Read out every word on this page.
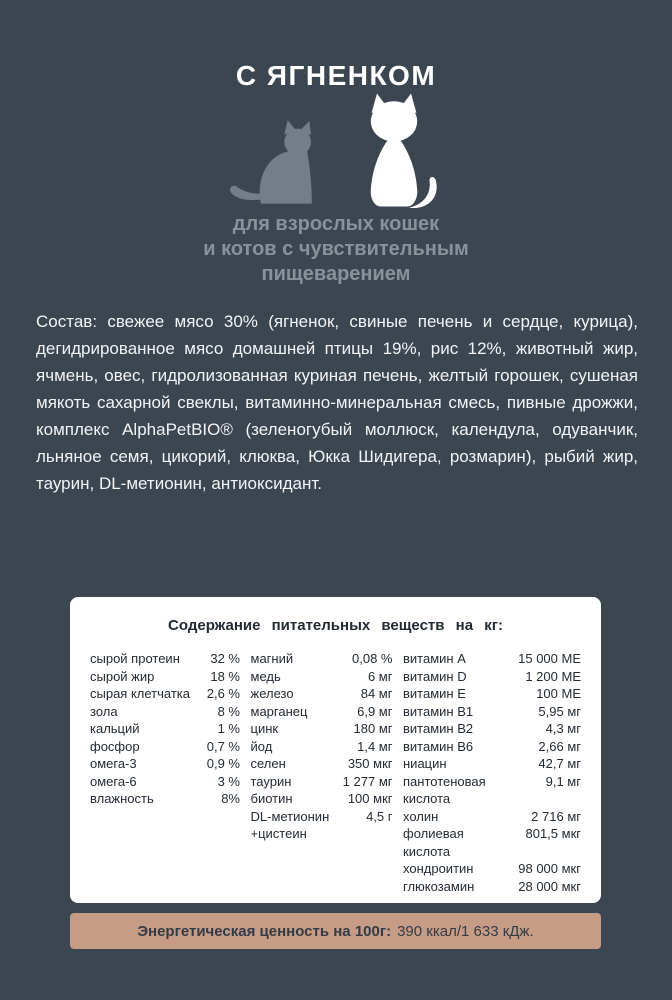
С ЯГНЕНКОМ
для взрослых кошек
и котов с чувствительным
пищеварением

Состав: свежее мясо 30% (ягненок, свиные печень и сердце, курица), дегидрированное мясо домашней птицы 19%, рис 12%, животный жир, ячмень, овес, гидролизованная куриная печень, желтый горошек, сушеная мякоть сахарной свеклы, витаминно-минеральная смесь, пивные дрожжи, комплекс AlphaPetBIO® (зеленогубый моллюск, календула, одуванчик, льняное семя, цикорий, клюква, Юкка Шидигера, розмарин), рыбий жир, таурин, DL-метионин, антиоксидант.

Содержание питательных веществ на кг:
сырой протеин 32 %
сырой жир	18 %
сырая клетчатка 2,6 %
зола	8 %
кальций	1 %
фосфор	0,7 %
омега-3	0,9 %
омега-6	3 %
влажность	8%
магний	0,08 %
медь	6 мг
железо	84 мг
марганец	6,9 мг
цинк	180 мг
йод	1,4 мг
селен	350 мкг
таурин	1 277 мг
биотин	100 мкг
DL-метионин	4,5 г
+цистеин
витамин A	15 000 МЕ
витамин D	1 200 МЕ
витамин E	100 МЕ
витамин B1	5,95 мг
витамин B2	4,3 мг
витамин B6	2,66 мг
ниацин	42,7 мг
пантотеновая	9,1 мг
кислота
холин	2 716 мг
фолиевая	801,5 мкг
кислота
хондроитин	98 000 мкг
глюкозамин	28 000 мкг
Энергетическая ценность на 100г: 390 ккал/1 633 кДж.
